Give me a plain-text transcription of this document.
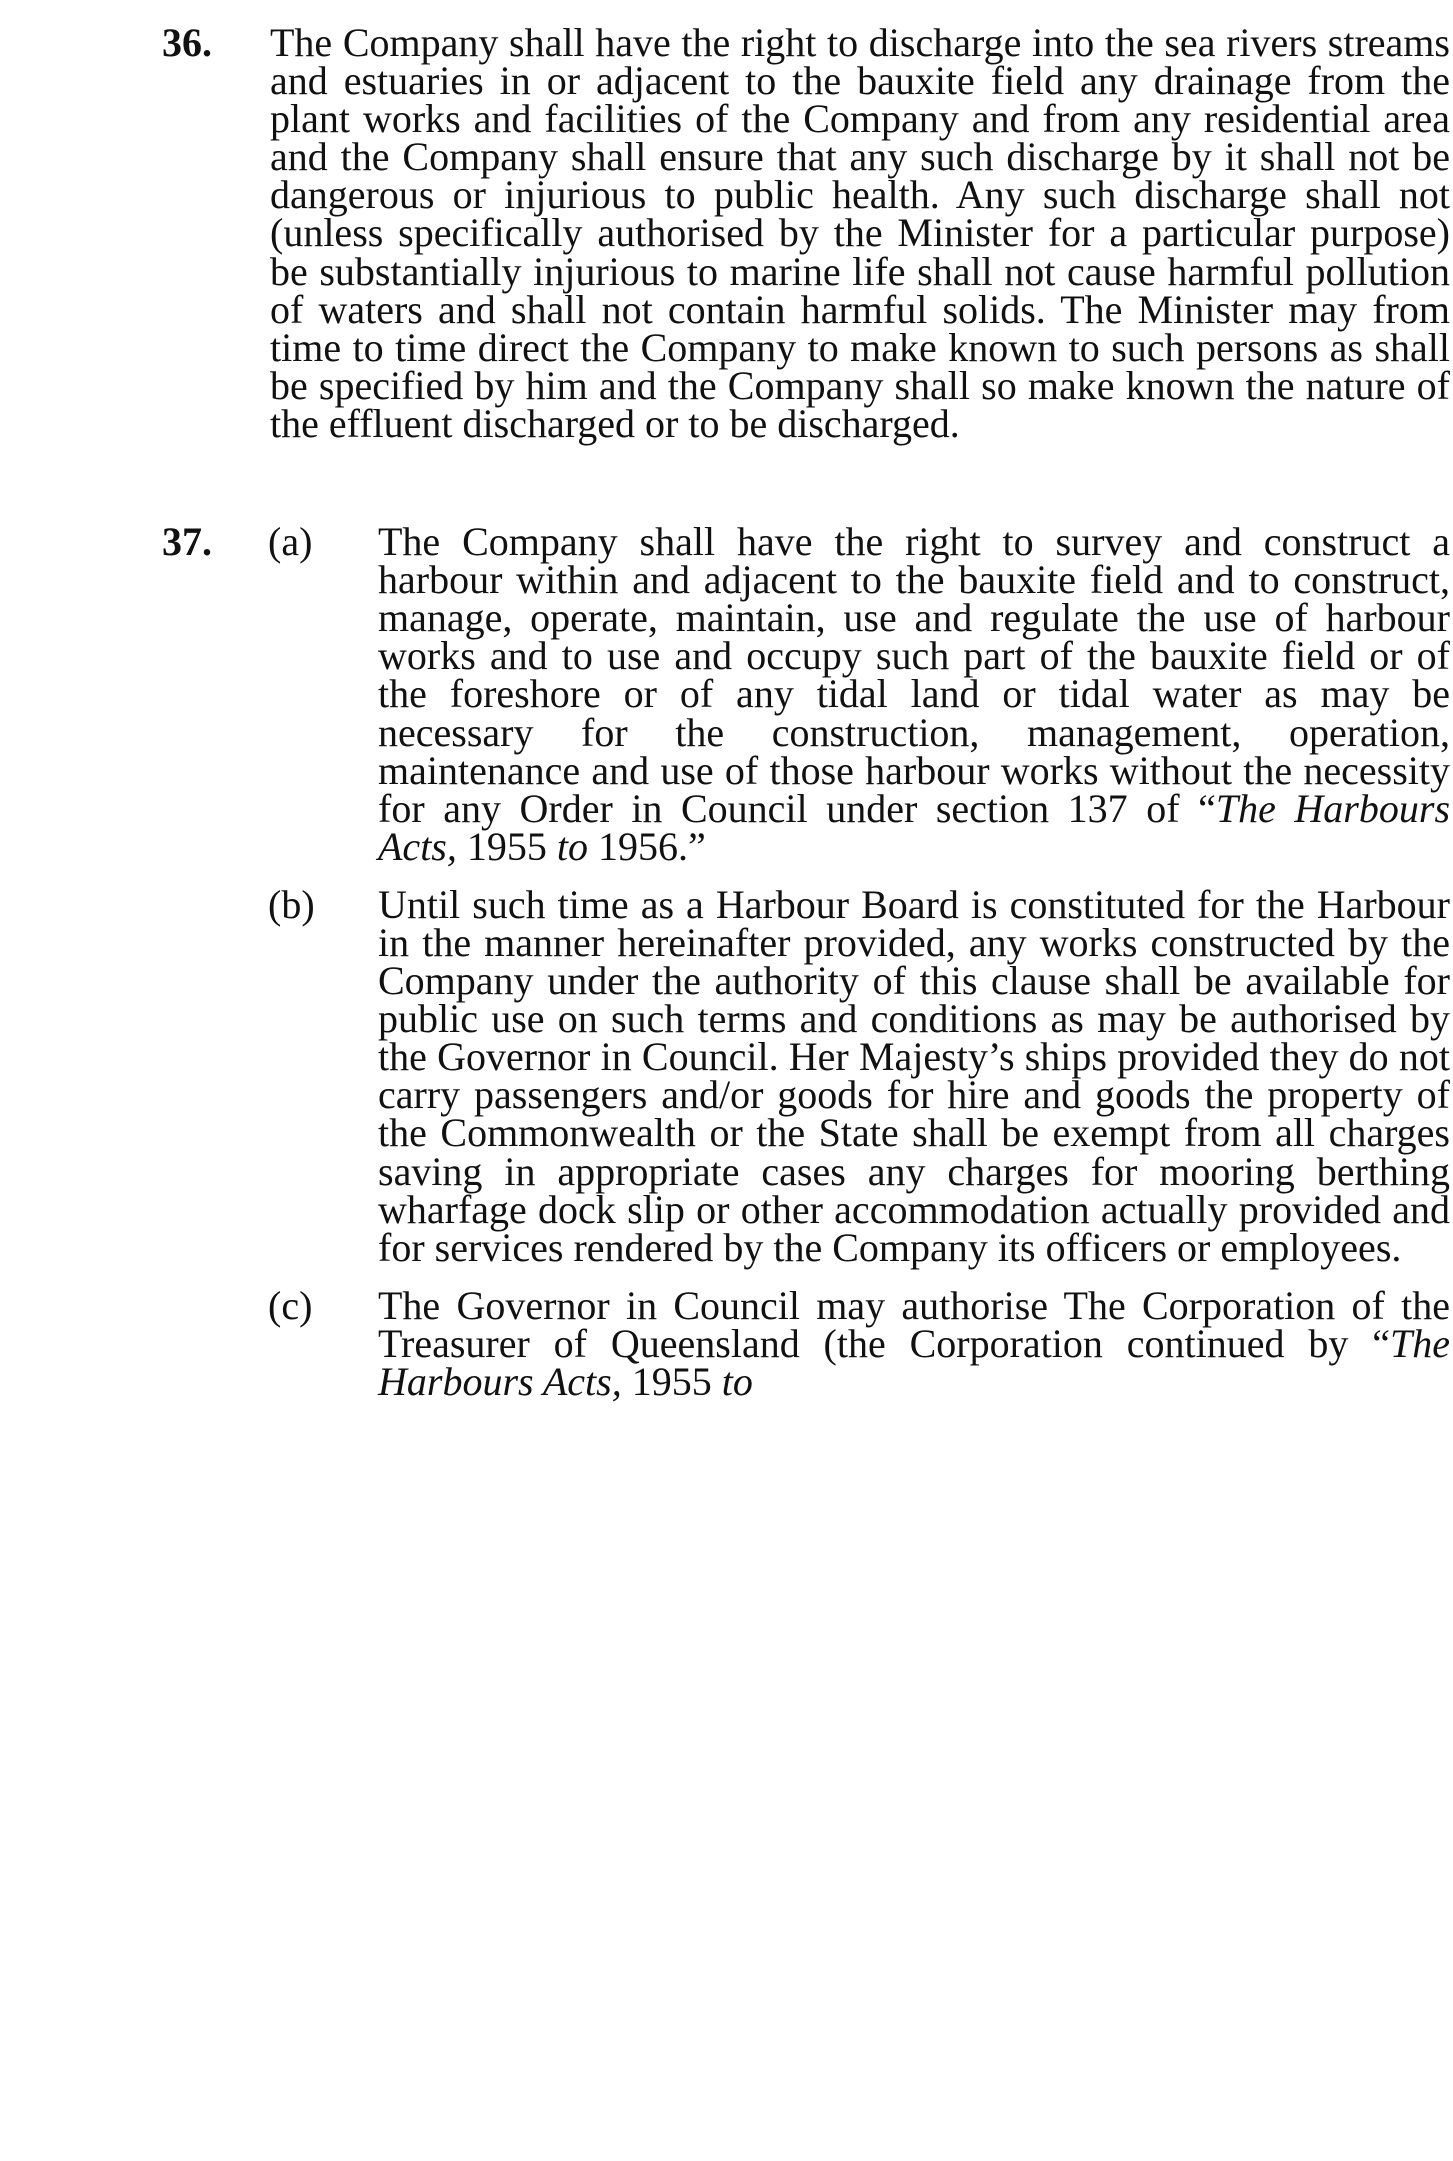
36. The Company shall have the right to discharge into the sea rivers streams and estuaries in or adjacent to the bauxite field any drainage from the plant works and facilities of the Company and from any residential area and the Company shall ensure that any such discharge by it shall not be dangerous or injurious to public health. Any such discharge shall not (unless specifically authorised by the Minister for a particular purpose) be substantially injurious to marine life shall not cause harmful pollution of waters and shall not contain harmful solids. The Minister may from time to time direct the Company to make known to such persons as shall be specified by him and the Company shall so make known the nature of the effluent discharged or to be discharged.
37. (a) The Company shall have the right to survey and construct a harbour within and adjacent to the bauxite field and to construct, manage, operate, maintain, use and regulate the use of harbour works and to use and occupy such part of the bauxite field or of the foreshore or of any tidal land or tidal water as may be necessary for the construction, management, operation, maintenance and use of those harbour works without the necessity for any Order in Council under section 137 of “The Harbours Acts, 1955 to 1956.”
(b) Until such time as a Harbour Board is constituted for the Harbour in the manner hereinafter provided, any works constructed by the Company under the authority of this clause shall be available for public use on such terms and conditions as may be authorised by the Governor in Council. Her Majesty’s ships provided they do not carry passengers and/or goods for hire and goods the property of the Commonwealth or the State shall be exempt from all charges saving in appropriate cases any charges for mooring berthing wharfage dock slip or other accommodation actually provided and for services rendered by the Company its officers or employees.
(c) The Governor in Council may authorise The Corporation of the Treasurer of Queensland (the Corporation continued by “The Harbours Acts, 1955 to
